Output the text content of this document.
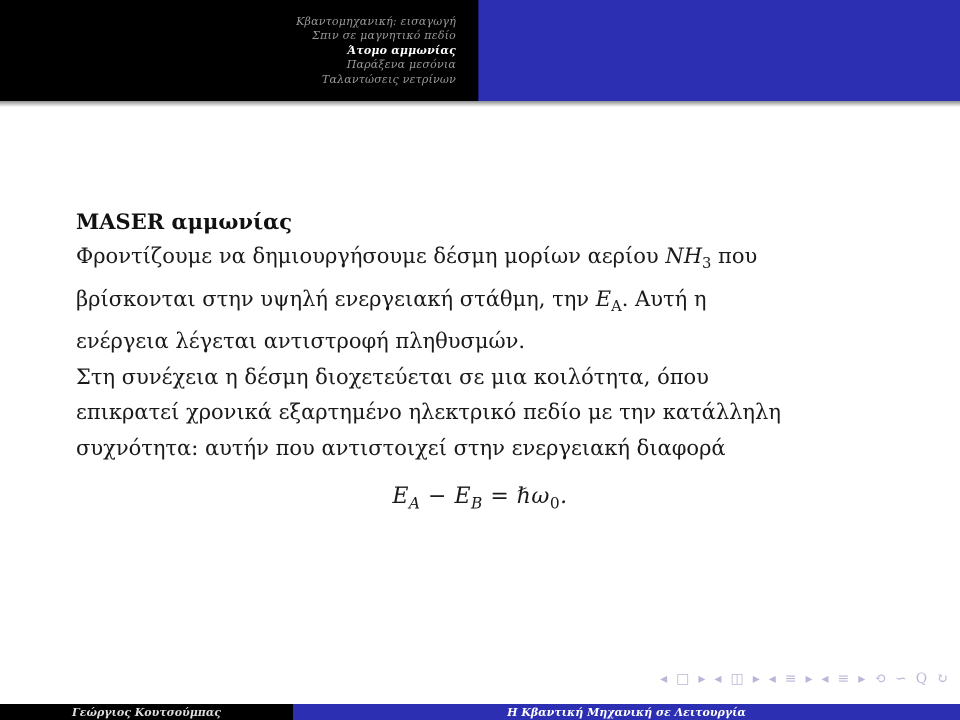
Κβαντομηχανική: εισαγωγή
Σπιν σε μαγνητικό πεδίο
Άτομο αμμωνίας
Παράξενα μεσόνια
Ταλαντώσεις νετρίνων
MASER αμμωνίας

Φροντίζουμε να δημιουργήσουμε δέσμη μορίων αερίου $NH_3$ που

βρίσκονται στην υψηλή ενεργειακή στάθμη, την $E_A$. Αυτή η

ενέργεια λέγεται αντιστροφή πληθυσμών.

Στη συνέχεια η δέσμη διοχετεύεται σε μια κοιλότητα, όπου

επικρατεί χρονικά εξαρτημένο ηλεκτρικό πεδίο με την κατάλληλη

συχνότητα: αυτήν που αντιστοιχεί στην ενεργειακή διαφορά

$E_A - E_B$ = ℏω$_0$.
◂ □ ▸ ◂ ◫ ▸ ◂ ≡ ▸ ◂ ≡ ▸ ⟲ ∽ Q ↻
Γεώργιος Κουτσούμπας	Η Κβαντική Μηχανική σε Λειτουργία
